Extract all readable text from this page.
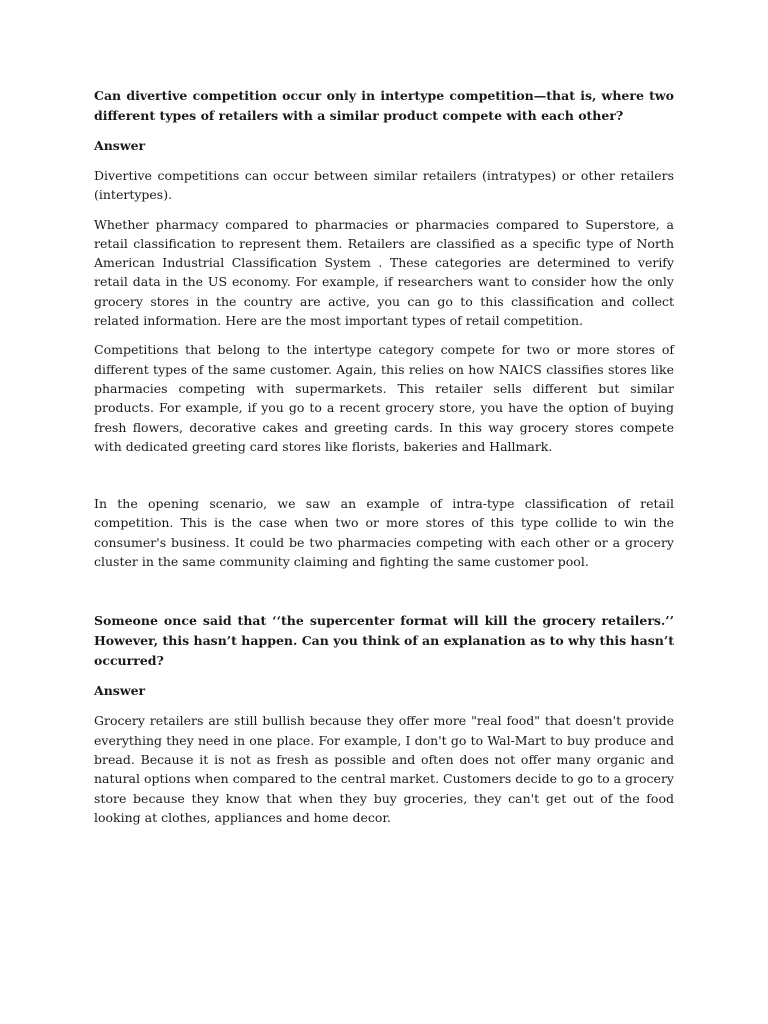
Can divertive competition occur only in intertype competition—that is, where two different types of retailers with a similar product compete with each other?

Answer

Divertive competitions can occur between similar retailers (intratypes) or other retailers (intertypes).

Whether pharmacy compared to pharmacies or pharmacies compared to Superstore, a retail classification to represent them. Retailers are classified as a specific type of North American Industrial Classification System . These categories are determined to verify retail data in the US economy. For example, if researchers want to consider how the only grocery stores in the country are active, you can go to this classification and collect related information. Here are the most important types of retail competition.

Competitions that belong to the intertype category compete for two or more stores of different types of the same customer. Again, this relies on how NAICS classifies stores like pharmacies competing with supermarkets. This retailer sells different but similar products. For example, if you go to a recent grocery store, you have the option of buying fresh flowers, decorative cakes and greeting cards. In this way grocery stores compete with dedicated greeting card stores like florists, bakeries and Hallmark.

In the opening scenario, we saw an example of intra-type classification of retail competition. This is the case when two or more stores of this type collide to win the consumer's business. It could be two pharmacies competing with each other or a grocery cluster in the same community claiming and fighting the same customer pool.

Someone once said that ‘‘the supercenter format will kill the grocery retailers.’’ However, this hasn’t happen. Can you think of an explanation as to why this hasn’t occurred?

Answer

Grocery retailers are still bullish because they offer more "real food" that doesn't provide everything they need in one place. For example, I don't go to Wal-Mart to buy produce and bread. Because it is not as fresh as possible and often does not offer many organic and natural options when compared to the central market. Customers decide to go to a grocery store because they know that when they buy groceries, they can't get out of the food looking at clothes, appliances and home decor.
